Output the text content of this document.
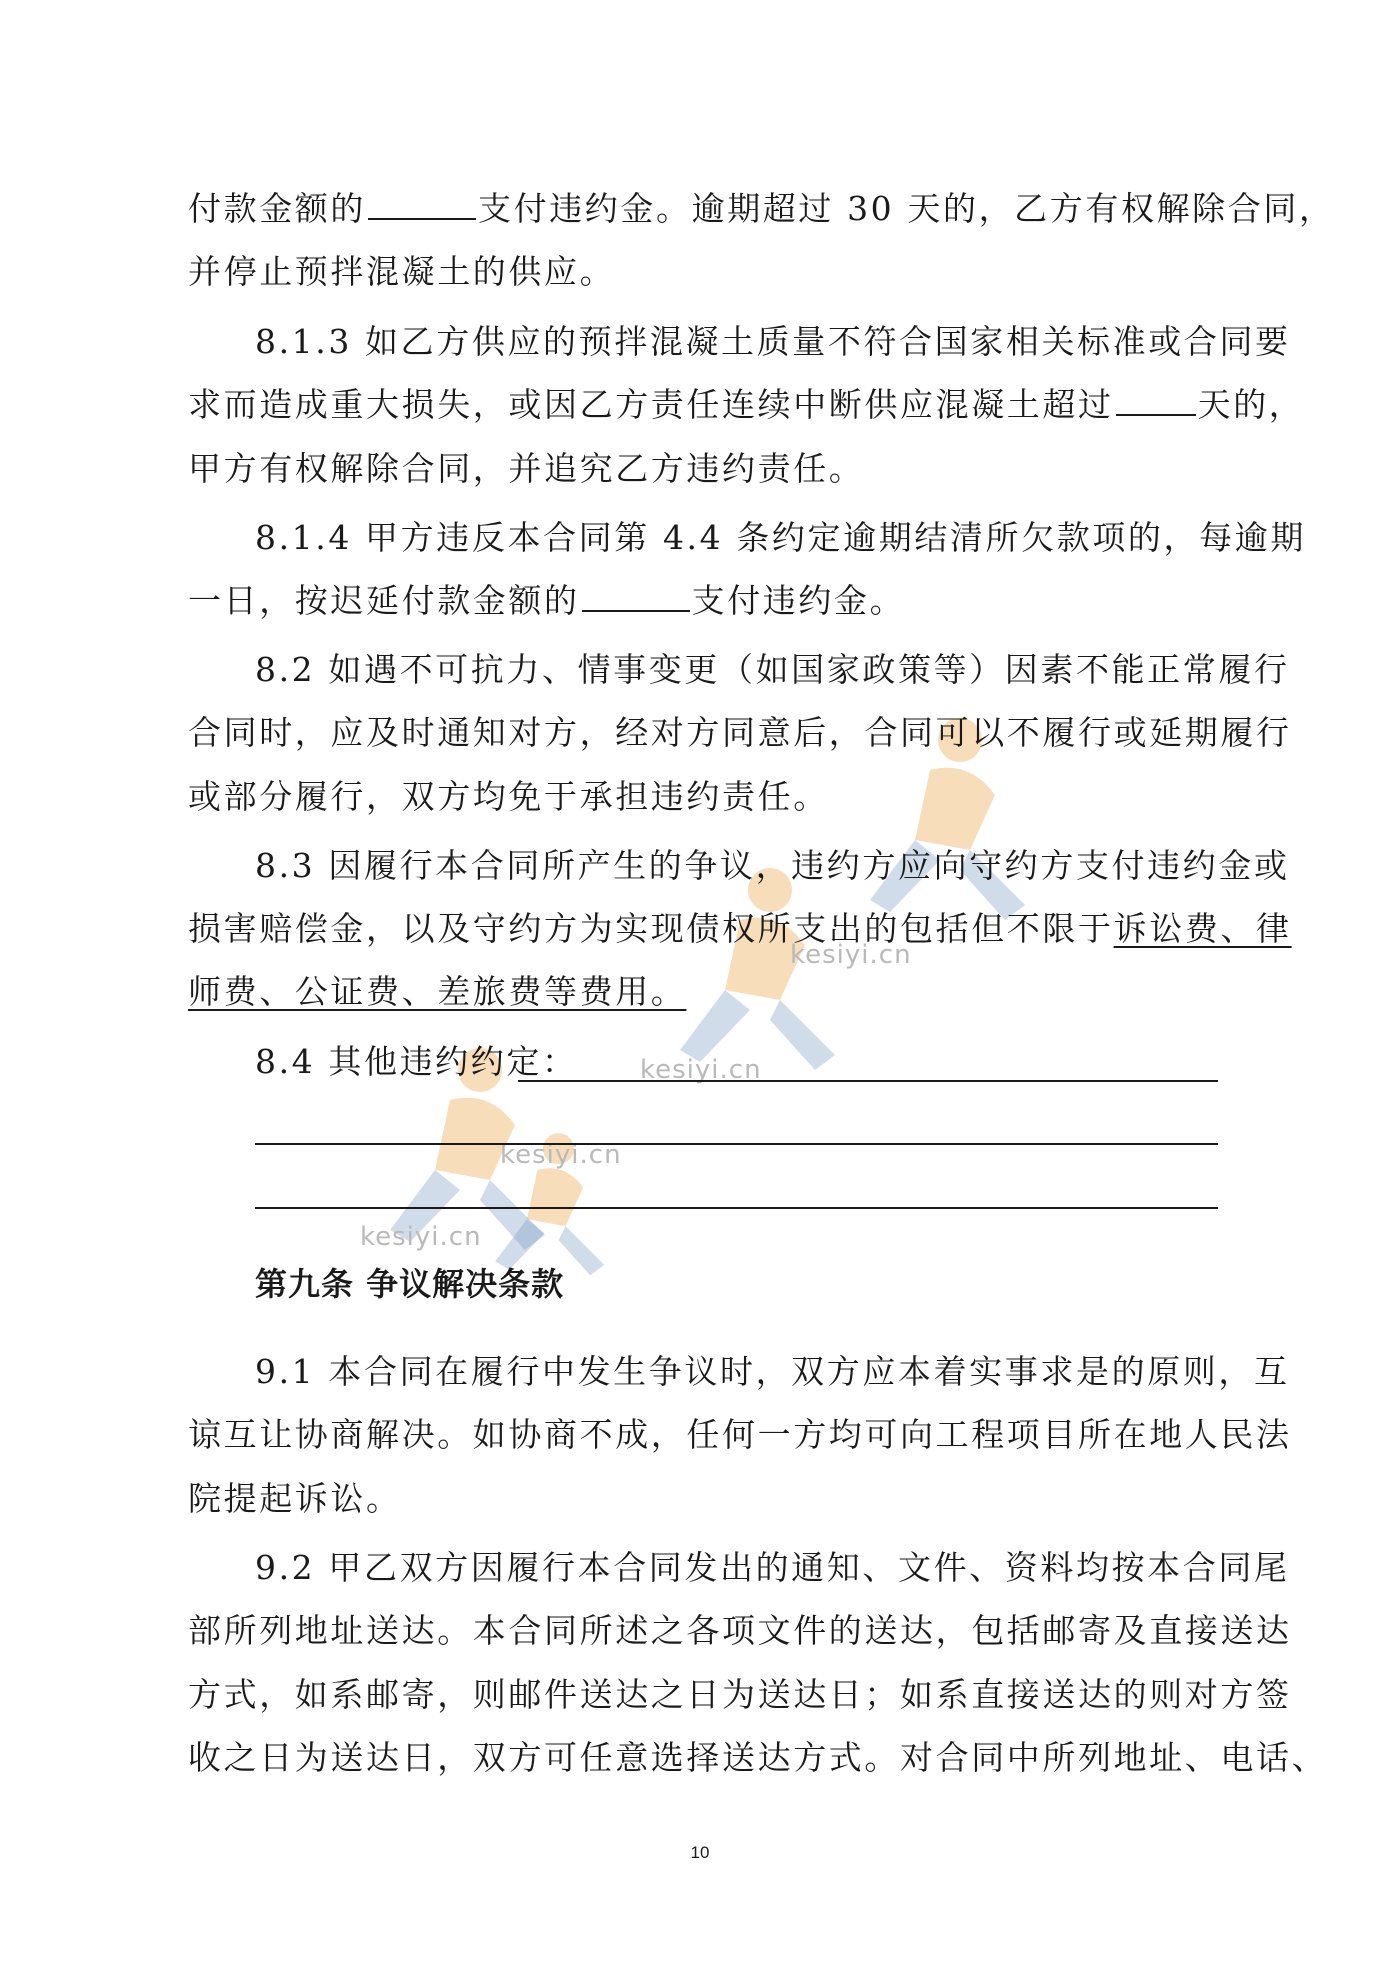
kesiyi.cn
kesiyi.cn
kesiyi.cn
kesiyi.cn
付款金额的	支付违约金。逾期超过 30 天的，乙方有权解除合同，
并停止预拌混凝土的供应。
8.1.3 如乙方供应的预拌混凝土质量不符合国家相关标准或合同要
求而造成重大损失，或因乙方责任连续中断供应混凝土超过	天的，
甲方有权解除合同，并追究乙方违约责任。
8.1.4 甲方违反本合同第 4.4 条约定逾期结清所欠款项的，每逾期
一日，按迟延付款金额的	支付违约金。
8.2 如遇不可抗力、情事变更（如国家政策等）因素不能正常履行
合同时，应及时通知对方，经对方同意后，合同可以不履行或延期履行
或部分履行，双方均免于承担违约责任。
8.3 因履行本合同所产生的争议，违约方应向守约方支付违约金或
损害赔偿金，以及守约方为实现债权所支出的包括但不限于诉讼费、律
师费、公证费、差旅费等费用。
8.4 其他违约约定：
第九条 争议解决条款
9.1 本合同在履行中发生争议时，双方应本着实事求是的原则，互
谅互让协商解决。如协商不成，任何一方均可向工程项目所在地人民法
院提起诉讼。
9.2 甲乙双方因履行本合同发出的通知、文件、资料均按本合同尾
部所列地址送达。本合同所述之各项文件的送达，包括邮寄及直接送达
方式，如系邮寄，则邮件送达之日为送达日；如系直接送达的则对方签
收之日为送达日，双方可任意选择送达方式。对合同中所列地址、电话、
10
